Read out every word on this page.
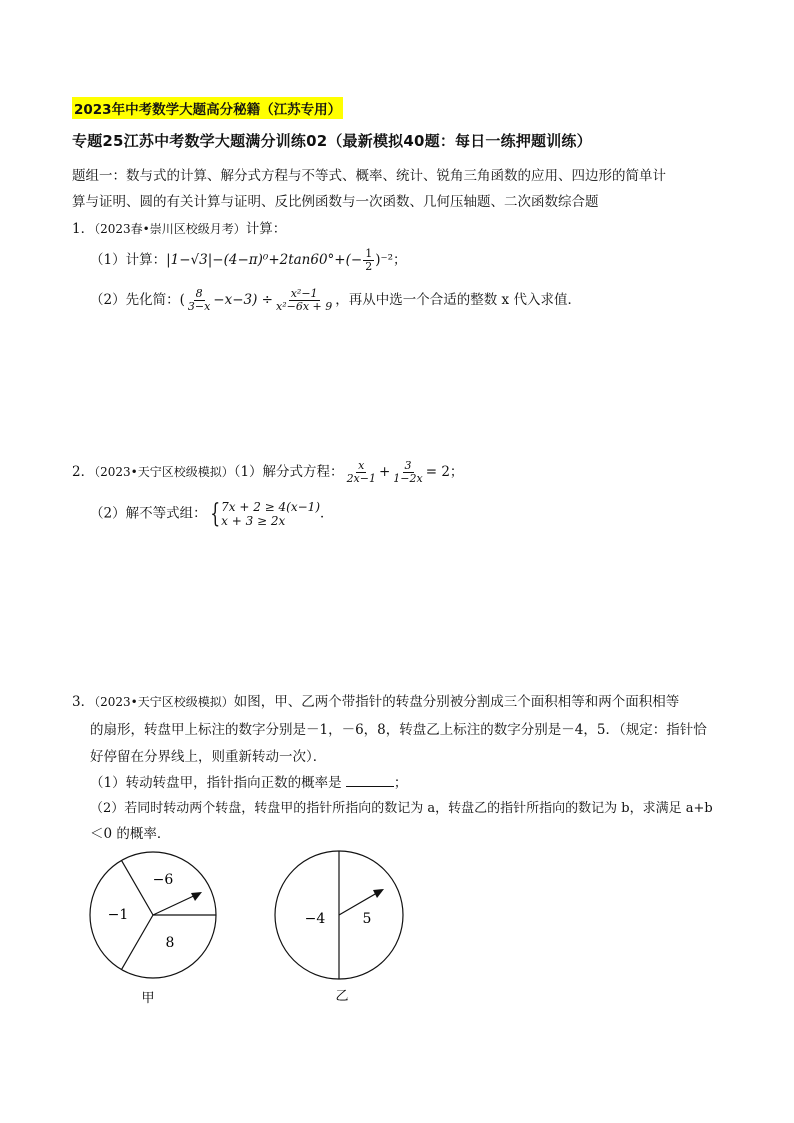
2023年中考数学大题高分秘籍（江苏专用）
专题25江苏中考数学大题满分训练02（最新模拟40题：每日一练押题训练）
题组一：数与式的计算、解分式方程与不等式、概率、统计、锐角三角函数的应用、四边形的简单计
算与证明、圆的有关计算与证明、反比例函数与一次函数、几何压轴题、二次函数综合题
1．（2023春•崇川区校级月考）计算：
（1）计算：$|1-√3|-(4-\pi)^0+2\tan 60^\circ+(- \frac{1}{2} )^{-2}$；
（2）先化简：( $\frac{8}{3-x} -x-3) \div \frac{\text{x²−1}}{\text{x²−6x + 9}}$ ，再从中选一个合适的整数 x 代入求值．
2．（2023•天宁区校级模拟）（1）解分式方程： $\frac{x}{2x-1} + \frac{3}{1-2x} = 2$；
（2）解不等式组： { 7x + 2 ≥ 4(x−1)
x + 3 ≥ 2x	．
3．（2023•天宁区校级模拟）如图，甲、乙两个带指针的转盘分别被分割成三个面积相等和两个面积相等
的扇形，转盘甲上标注的数字分别是－1，－6，8，转盘乙上标注的数字分别是－4，5．（规定：指针恰
好停留在分界线上，则重新转动一次）．
（1）转动转盘甲，指针指向正数的概率是	；
（2）若同时转动两个转盘，转盘甲的指针所指向的数记为 a，转盘乙的指针所指向的数记为 b，求满足 a+b
＜0 的概率．
−6
−1
8
甲
−4	5
乙
